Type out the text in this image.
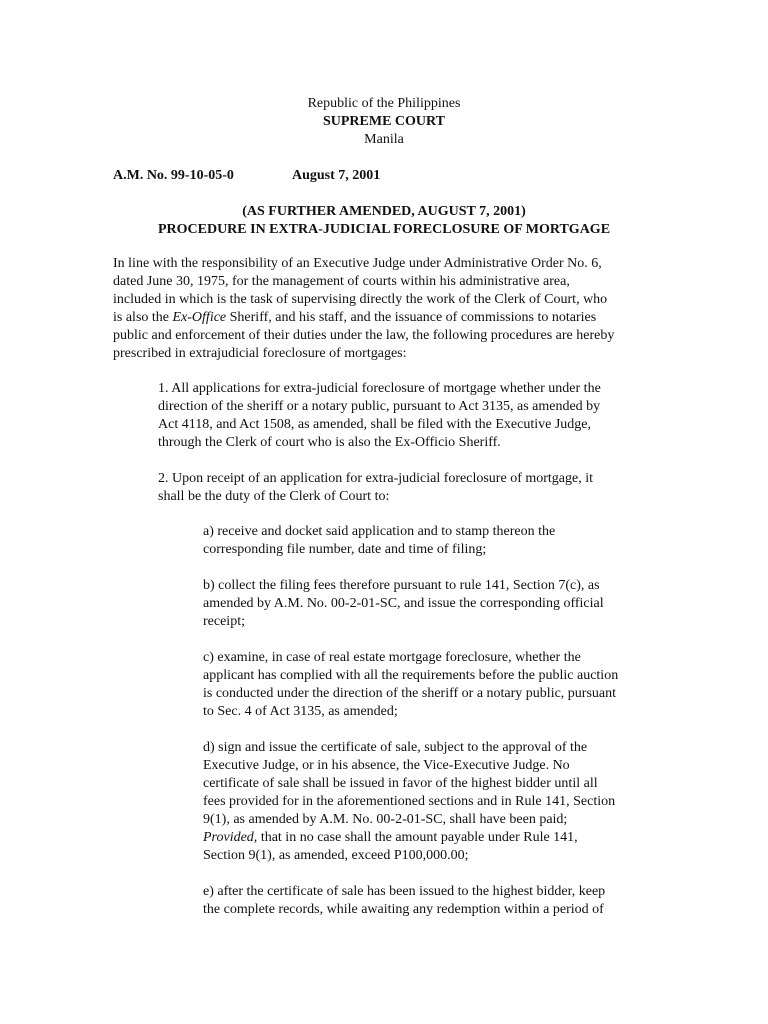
Republic of the Philippines
SUPREME COURT
Manila
A.M. No. 99-10-05-0	August 7, 2001
(AS FURTHER AMENDED, AUGUST 7, 2001)
PROCEDURE IN EXTRA-JUDICIAL FORECLOSURE OF MORTGAGE

In line with the responsibility of an Executive Judge under Administrative Order No. 6,
dated June 30, 1975, for the management of courts within his administrative area,
included in which is the task of supervising directly the work of the Clerk of Court, who
is also the Ex-Office Sheriff, and his staff, and the issuance of commissions to notaries
public and enforcement of their duties under the law, the following procedures are hereby
prescribed in extrajudicial foreclosure of mortgages:

1. All applications for extra-judicial foreclosure of mortgage whether under the
direction of the sheriff or a notary public, pursuant to Act 3135, as amended by
Act 4118, and Act 1508, as amended, shall be filed with the Executive Judge,
through the Clerk of court who is also the Ex-Officio Sheriff.

2. Upon receipt of an application for extra-judicial foreclosure of mortgage, it
shall be the duty of the Clerk of Court to:

a) receive and docket said application and to stamp thereon the
corresponding file number, date and time of filing;

b) collect the filing fees therefore pursuant to rule 141, Section 7(c), as
amended by A.M. No. 00-2-01-SC, and issue the corresponding official
receipt;

c) examine, in case of real estate mortgage foreclosure, whether the
applicant has complied with all the requirements before the public auction
is conducted under the direction of the sheriff or a notary public, pursuant
to Sec. 4 of Act 3135, as amended;

d) sign and issue the certificate of sale, subject to the approval of the
Executive Judge, or in his absence, the Vice-Executive Judge. No
certificate of sale shall be issued in favor of the highest bidder until all
fees provided for in the aforementioned sections and in Rule 141, Section
9(1), as amended by A.M. No. 00-2-01-SC, shall have been paid;
Provided, that in no case shall the amount payable under Rule 141,
Section 9(1), as amended, exceed P100,000.00;

e) after the certificate of sale has been issued to the highest bidder, keep
the complete records, while awaiting any redemption within a period of
